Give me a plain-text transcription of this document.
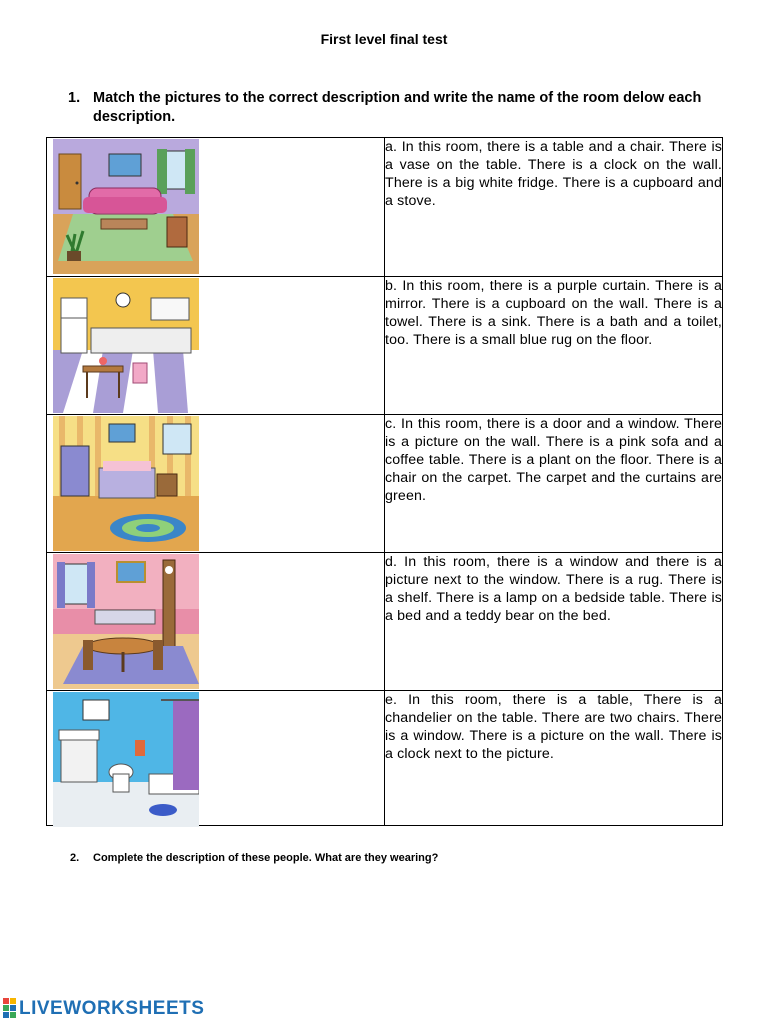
First level final test
1. Match the pictures to the correct description and write the name of the room delow each description.
	a. In this room, there is a table and a chair. There is a vase on the table. There is a clock on the wall. There is a big white fridge. There is a cupboard and a stove.

	b. In this room, there is a purple curtain. There is a mirror. There is a cupboard on the wall. There is a towel. There is a sink. There is a bath and a toilet, too. There is a small blue rug on the floor.

	c. In this room, there is a door and a window. There is a picture on the wall. There is a pink sofa and a coffee table. There is a plant on the floor. There is a chair on the carpet. The carpet and the curtains are green.

	d. In this room, there is a window and there is a picture next to the window. There is a rug. There is a shelf. There is a lamp on a bedside table. There is a bed and a teddy bear on the bed.

	e. In this room, there is a table, There is a chandelier on the table. There are two chairs. There is a window. There is a picture on the wall. There is a clock next to the picture.
2. Complete the description of these people. What are they wearing?
LIVEWORKSHEETS
